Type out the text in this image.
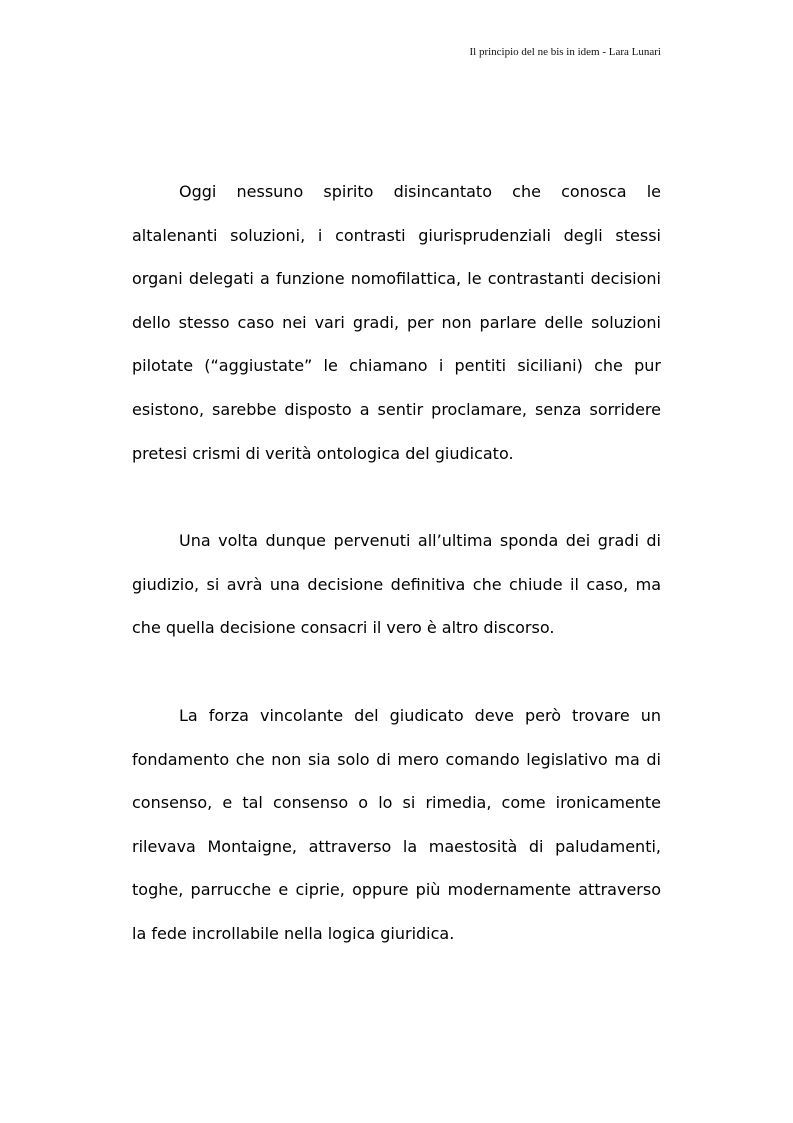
Il principio del ne bis in idem - Lara Lunari

Oggi nessuno spirito disincantato che conosca le altalenanti soluzioni, i contrasti giurisprudenziali degli stessi organi delegati a funzione nomofilattica, le contrastanti decisioni dello stesso caso nei vari gradi, per non parlare delle soluzioni pilotate (“aggiustate” le chiamano i pentiti siciliani) che pur esistono, sarebbe disposto a sentir proclamare, senza sorridere pretesi crismi di verità ontologica del giudicato.

Una volta dunque pervenuti all’ultima sponda dei gradi di giudizio, si avrà una decisione definitiva che chiude il caso, ma che quella decisione consacri il vero è altro discorso.

La forza vincolante del giudicato deve però trovare un fondamento che non sia solo di mero comando legislativo ma di consenso, e tal consenso o lo si rimedia, come ironicamente rilevava Montaigne, attraverso la maestosità di paludamenti, toghe, parrucche e ciprie, oppure più modernamente attraverso la fede incrollabile nella logica giuridica.
